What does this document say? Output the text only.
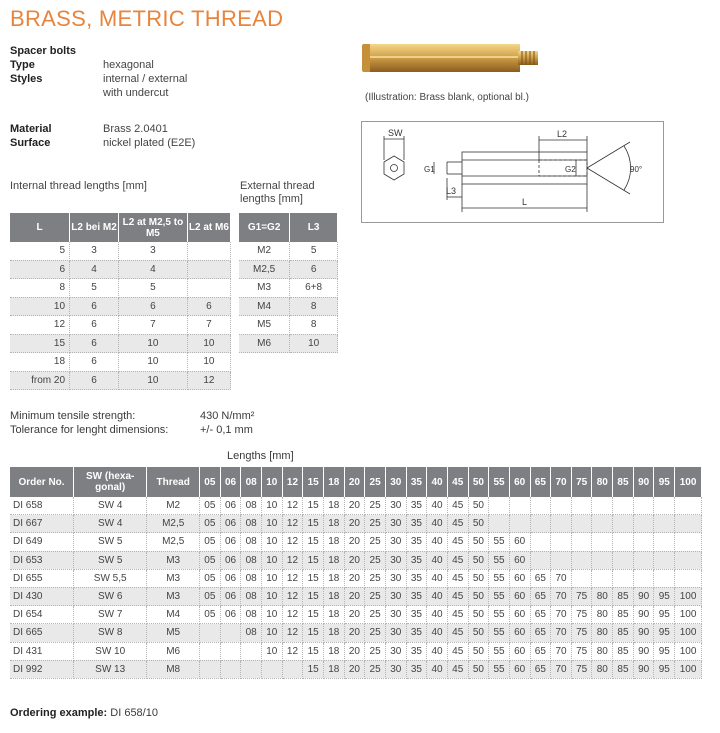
BRASS, METRIC THREAD
Spacer bolts
Type	hexagonal
Styles	internal / external
with undercut
Material	Brass 2.0401
Surface	nickel plated (E2E)
(Illustration: Brass blank, optional bl.)
SW	L2
G1	G2
L3
L
90°
Internal thread lengths [mm]	External thread lengths [mm]
L	L2 bei M2	L2 at M2,5 to M5	L2 at M6
5	3	3	
6	4	4	
8	5	5	
10	6	6	6
12	6	7	7
15	6	10	10
18	6	10	10
from 20	6	10	12
G1=G2	L3
M2	5
M2,5	6
M3	6+8
M4	8
M5	8
M6	10
Minimum tensile strength:	430 N/mm²
Tolerance for lenght dimensions:	+/- 0,1 mm
Lengths [mm]
Order No.	SW (hexa-gonal)	Thread	05	06	08	10	12	15	18	20	25	30	35	40	45	50	55	60	65	70	75	80	85	90	95	100
DI 658	SW 4	M2	05	06	08	10	12	15	18	20	25	30	35	40	45	50										
DI 667	SW 4	M2,5	05	06	08	10	12	15	18	20	25	30	35	40	45	50										
DI 649	SW 5	M2,5	05	06	08	10	12	15	18	20	25	30	35	40	45	50	55	60								
DI 653	SW 5	M3	05	06	08	10	12	15	18	20	25	30	35	40	45	50	55	60								
DI 655	SW 5,5	M3	05	06	08	10	12	15	18	20	25	30	35	40	45	50	55	60	65	70						
DI 430	SW 6	M3	05	06	08	10	12	15	18	20	25	30	35	40	45	50	55	60	65	70	75	80	85	90	95	100
DI 654	SW 7	M4	05	06	08	10	12	15	18	20	25	30	35	40	45	50	55	60	65	70	75	80	85	90	95	100
DI 665	SW 8	M5			08	10	12	15	18	20	25	30	35	40	45	50	55	60	65	70	75	80	85	90	95	100
DI 431	SW 10	M6				10	12	15	18	20	25	30	35	40	45	50	55	60	65	70	75	80	85	90	95	100
DI 992	SW 13	M8						15	18	20	25	30	35	40	45	50	55	60	65	70	75	80	85	90	95	100
Ordering example: DI 658/10
